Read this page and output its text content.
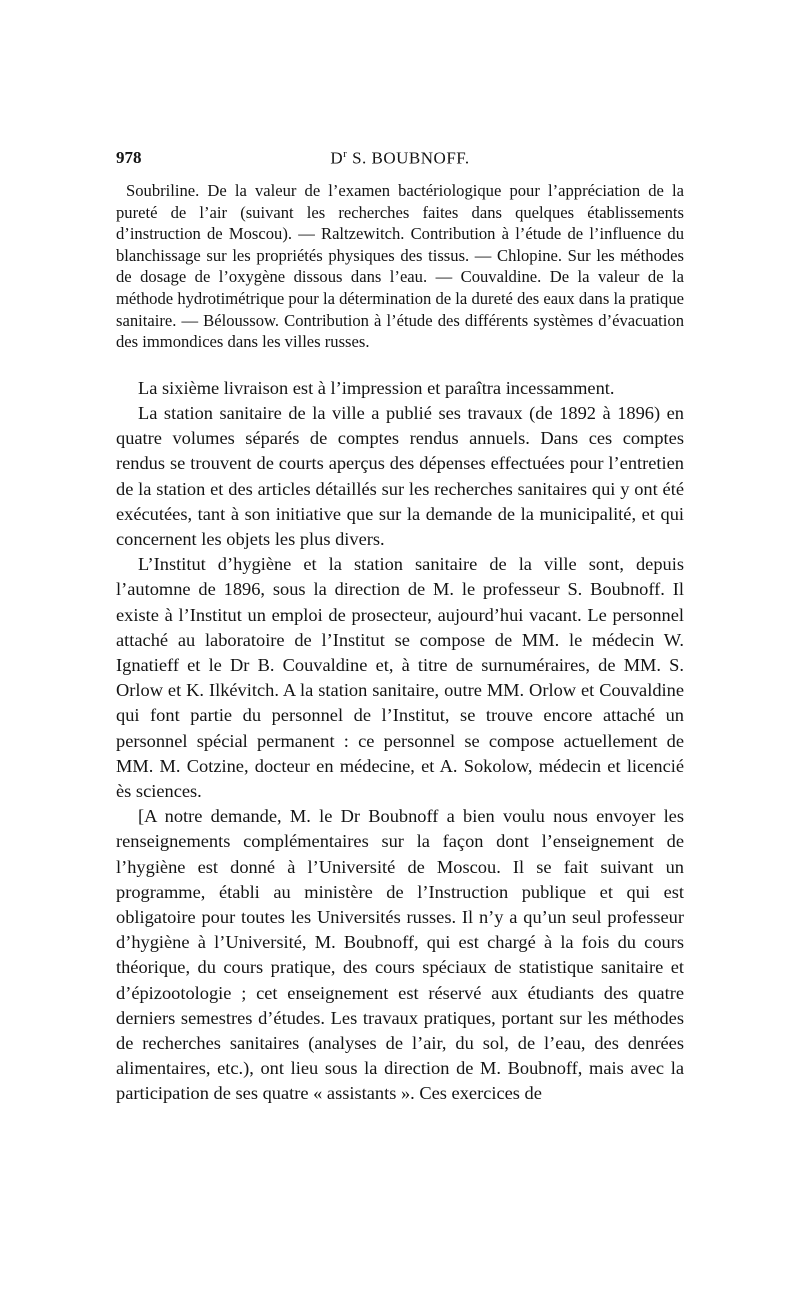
978	$D^r$ S. BOUBNOFF.

Soubriline. De la valeur de l’examen bactériologique pour l’appréciation de la pureté de l’air (suivant les recherches faites dans quelques établissements d’instruction de Moscou). — Raltzewitch. Contribution à l’étude de l’influence du blanchissage sur les propriétés physiques des tissus. — Chlopine. Sur les méthodes de dosage de l’oxygène dissous dans l’eau. — Couvaldine. De la valeur de la méthode hydrotimétrique pour la détermination de la dureté des eaux dans la pratique sanitaire. — Béloussow. Contribution à l’étude des différents systèmes d’évacuation des immondices dans les villes russes.

La sixième livraison est à l’impression et paraîtra incessamment.

La station sanitaire de la ville a publié ses travaux (de 1892 à 1896) en quatre volumes séparés de comptes rendus annuels. Dans ces comptes rendus se trouvent de courts aperçus des dépenses effectuées pour l’entretien de la station et des articles détaillés sur les recherches sanitaires qui y ont été exécutées, tant à son initiative que sur la demande de la municipalité, et qui concernent les objets les plus divers.

L’Institut d’hygiène et la station sanitaire de la ville sont, depuis l’automne de 1896, sous la direction de M. le professeur S. Boubnoff. Il existe à l’Institut un emploi de prosecteur, aujourd’hui vacant. Le personnel attaché au laboratoire de l’Institut se compose de MM. le médecin W. Ignatieff et le Dr B. Couvaldine et, à titre de surnuméraires, de MM. S. Orlow et K. Ilkévitch. A la station sanitaire, outre MM. Orlow et Couvaldine qui font partie du personnel de l’Institut, se trouve encore attaché un personnel spécial permanent : ce personnel se compose actuellement de MM. M. Cotzine, docteur en médecine, et A. Sokolow, médecin et licencié ès sciences.

[A notre demande, M. le Dr Boubnoff a bien voulu nous envoyer les renseignements complémentaires sur la façon dont l’enseignement de l’hygiène est donné à l’Université de Moscou. Il se fait suivant un programme, établi au ministère de l’Instruction publique et qui est obligatoire pour toutes les Universités russes. Il n’y a qu’un seul professeur d’hygiène à l’Université, M. Boubnoff, qui est chargé à la fois du cours théorique, du cours pratique, des cours spéciaux de statistique sanitaire et d’épizootologie ; cet enseignement est réservé aux étudiants des quatre derniers semestres d’études. Les travaux pratiques, portant sur les méthodes de recherches sanitaires (analyses de l’air, du sol, de l’eau, des denrées alimentaires, etc.), ont lieu sous la direction de M. Boubnoff, mais avec la participation de ses quatre « assistants ». Ces exercices de
